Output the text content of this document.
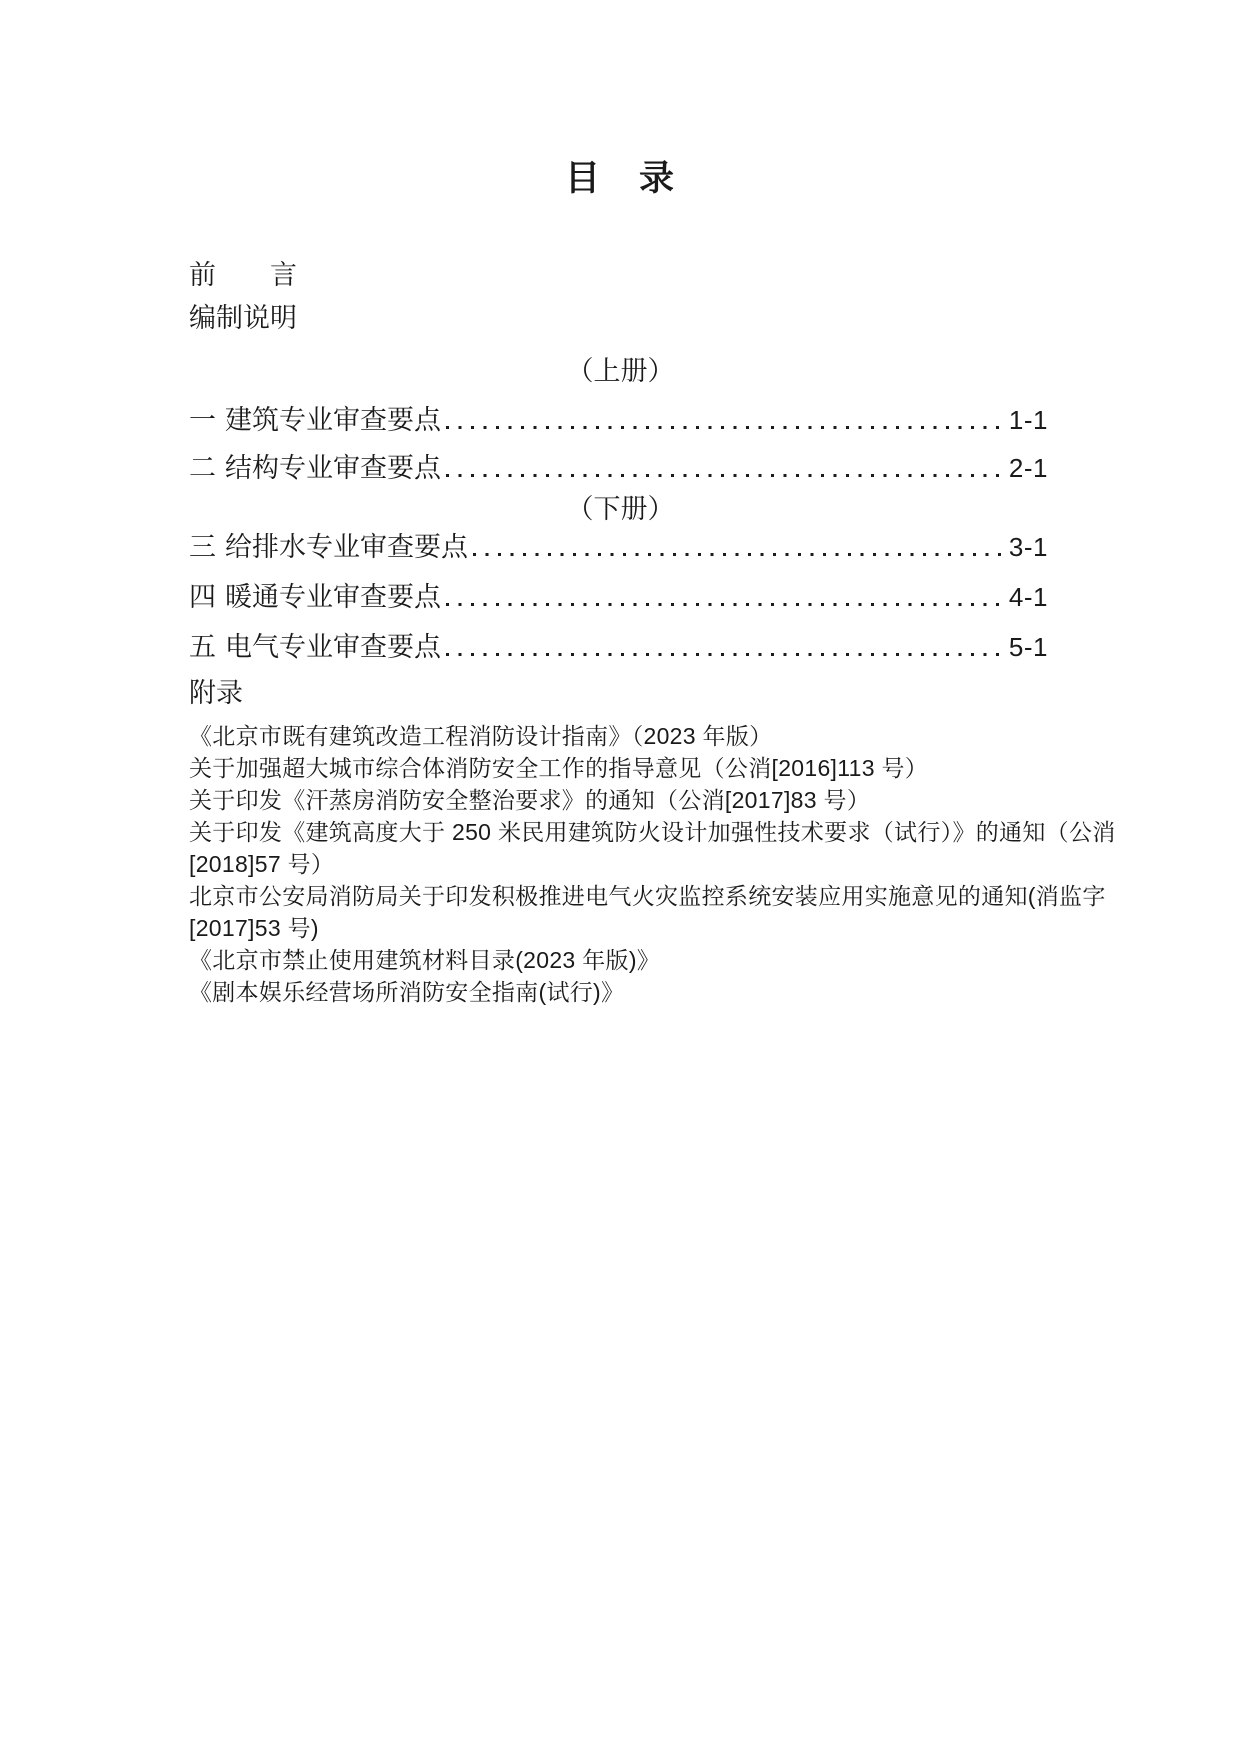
目　录
前　　言
编制说明
（上册）
一 建筑专业审查要点	1-1
二 结构专业审查要点	2-1
（下册）
三 给排水专业审查要点	3-1
四 暖通专业审查要点	4-1
五 电气专业审查要点	5-1
附录
《北京市既有建筑改造工程消防设计指南》（2023 年版）
关于加强超大城市综合体消防安全工作的指导意见（公消[2016]113 号）
关于印发《汗蒸房消防安全整治要求》的通知（公消[2017]83 号）
关于印发《建筑高度大于 250 米民用建筑防火设计加强性技术要求（试行）》的通知（公消
[2018]57 号）
北京市公安局消防局关于印发积极推进电气火灾监控系统安装应用实施意见的通知(消监字
[2017]53 号)
《北京市禁止使用建筑材料目录(2023 年版)》
《剧本娱乐经营场所消防安全指南(试行)》
